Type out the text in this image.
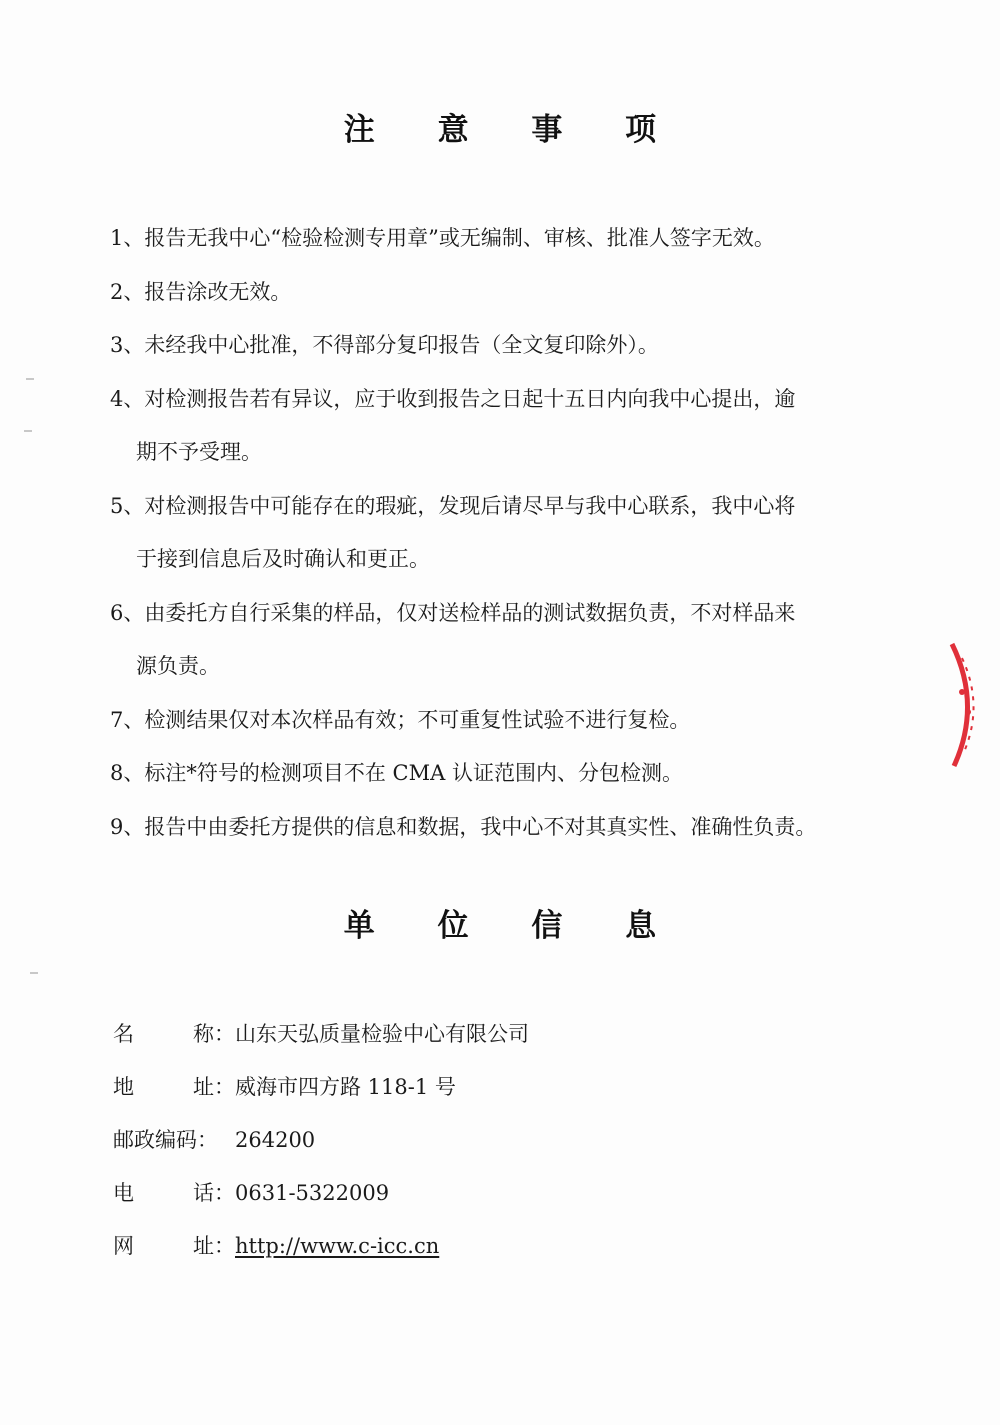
注 意 事 项
1、报告无我中心“检验检测专用章”或无编制、审核、批准人签字无效。
2、报告涂改无效。
3、未经我中心批准，不得部分复印报告（全文复印除外）。
4、对检测报告若有异议，应于收到报告之日起十五日内向我中心提出，逾
期不予受理。
5、对检测报告中可能存在的瑕疵，发现后请尽早与我中心联系，我中心将
于接到信息后及时确认和更正。
6、由委托方自行采集的样品，仅对送检样品的测试数据负责，不对样品来
源负责。
7、检测结果仅对本次样品有效；不可重复性试验不进行复检。
8、标注*符号的检测项目不在 CMA 认证范围内、分包检测。
9、报告中由委托方提供的信息和数据，我中心不对其真实性、准确性负责。
单 位 信 息
名	称： 山东天弘质量检验中心有限公司
地	址： 威海市四方路 118-1 号
邮政编码： 264200
电	话： 0631-5322009
网	址： http://www.c-icc.cn
